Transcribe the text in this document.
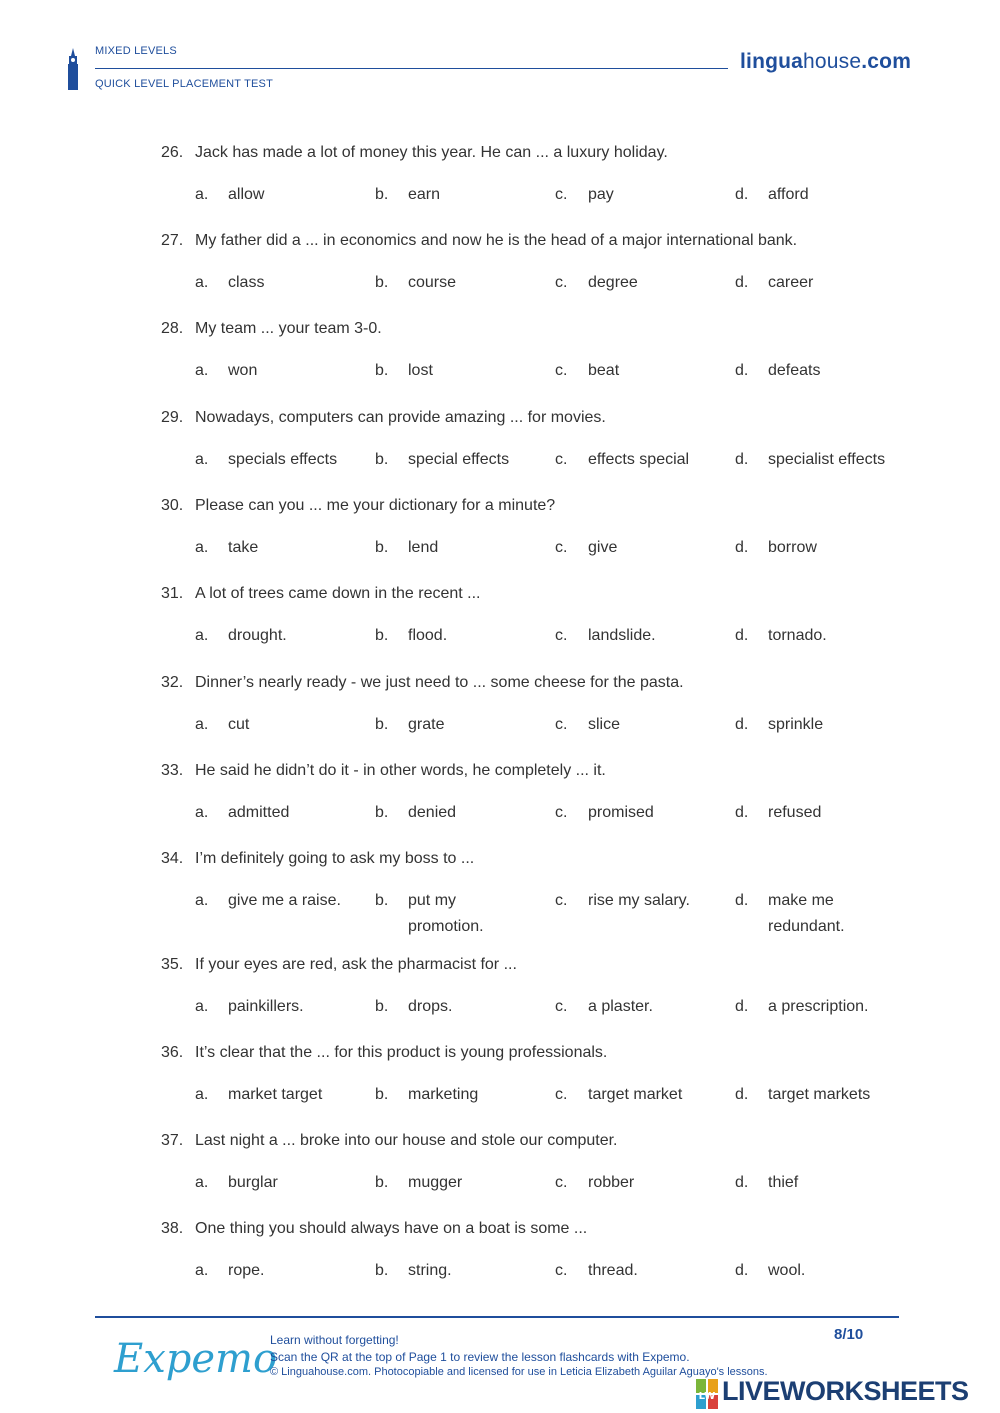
MIXED LEVELS
QUICK LEVEL PLACEMENT TEST
linguahouse.com
26. Jack has made a lot of money this year. He can ... a luxury holiday.
a. allow	b. earn	c. pay	d. afford
27. My father did a ... in economics and now he is the head of a major international bank.
a. class	b. course	c. degree	d. career
28. My team ... your team 3-0.
a. won	b. lost	c. beat	d. defeats
29. Nowadays, computers can provide amazing ... for movies.
a. specials effects	b. special effects	c. effects special	d. specialist effects
30. Please can you ... me your dictionary for a minute?
a. take	b. lend	c. give	d. borrow
31. A lot of trees came down in the recent ...
a. drought.	b. flood.	c. landslide.	d. tornado.
32. Dinner’s nearly ready - we just need to ... some cheese for the pasta.
a. cut	b. grate	c. slice	d. sprinkle
33. He said he didn’t do it - in other words, he completely ... it.
a. admitted	b. denied	c. promised	d. refused
34. I’m definitely going to ask my boss to ...
a. give me a raise.	b. put my promotion.
c. rise my salary.	d. make me redundant.
35. If your eyes are red, ask the pharmacist for ...
a. painkillers.	b. drops.	c. a plaster.	d. a prescription.
36. It’s clear that the ... for this product is young professionals.
a. market target	b. marketing	c. target market	d. target markets
37. Last night a ... broke into our house and stole our computer.
a. burglar	b. mugger	c. robber	d. thief
38. One thing you should always have on a boat is some ...
a. rope.	b. string.	c. thread.	d. wool.
Expemo
Learn without forgetting!
Scan the QR at the top of Page 1 to review the lesson flashcards with Expemo.
© Linguahouse.com. Photocopiable and licensed for use in Leticia Elizabeth Aguilar Aguayo's lessons.
8/10
LW LIVEWORKSHEETS
